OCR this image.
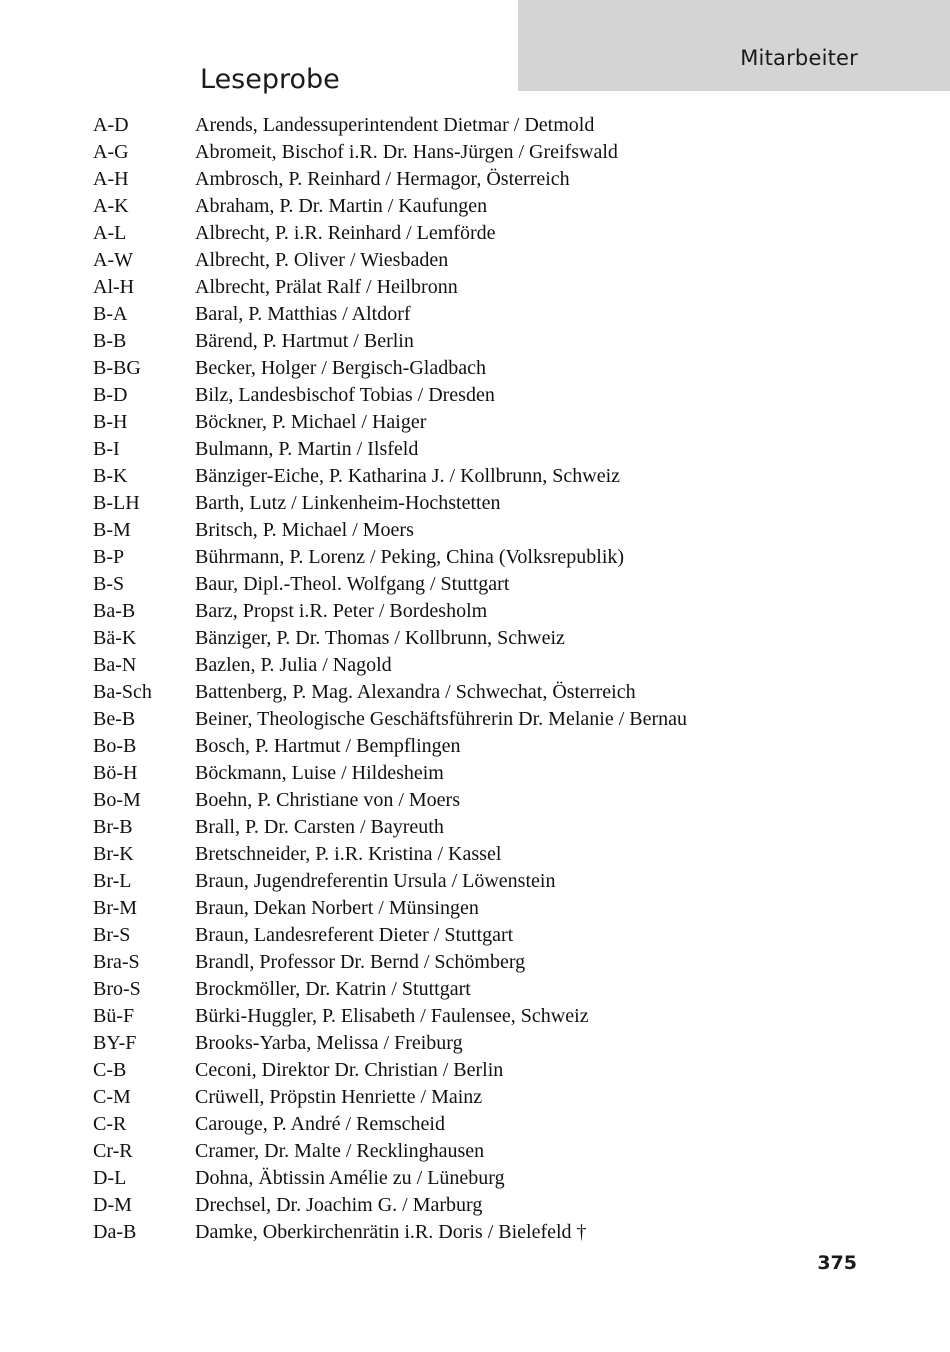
Mitarbeiter
Leseprobe
A-D	Arends, Landessuperintendent Dietmar / Detmold
A-G	Abromeit, Bischof i.R. Dr. Hans-Jürgen / Greifswald
A-H	Ambrosch, P. Reinhard / Hermagor, Österreich
A-K	Abraham, P. Dr. Martin / Kaufungen
A-L	Albrecht, P. i.R. Reinhard / Lemförde
A-W	Albrecht, P. Oliver / Wiesbaden
Al-H	Albrecht, Prälat Ralf / Heilbronn
B-A	Baral, P. Matthias / Altdorf
B-B	Bärend, P. Hartmut / Berlin
B-BG	Becker, Holger / Bergisch-Gladbach
B-D	Bilz, Landesbischof Tobias / Dresden
B-H	Böckner, P. Michael / Haiger
B-I	Bulmann, P. Martin / Ilsfeld
B-K	Bänziger-Eiche, P. Katharina J. / Kollbrunn, Schweiz
B-LH	Barth, Lutz / Linkenheim-Hochstetten
B-M	Britsch, P. Michael / Moers
B-P	Bührmann, P. Lorenz / Peking, China (Volksrepublik)
B-S	Baur, Dipl.-Theol. Wolfgang / Stuttgart
Ba-B	Barz, Propst i.R. Peter / Bordesholm
Bä-K	Bänziger, P. Dr. Thomas / Kollbrunn, Schweiz
Ba-N	Bazlen, P. Julia / Nagold
Ba-Sch	Battenberg, P. Mag. Alexandra / Schwechat, Österreich
Be-B	Beiner, Theologische Geschäftsführerin Dr. Melanie / Bernau
Bo-B	Bosch, P. Hartmut / Bempflingen
Bö-H	Böckmann, Luise / Hildesheim
Bo-M	Boehn, P. Christiane von / Moers
Br-B	Brall, P. Dr. Carsten / Bayreuth
Br-K	Bretschneider, P. i.R. Kristina / Kassel
Br-L	Braun, Jugendreferentin Ursula / Löwenstein
Br-M	Braun, Dekan Norbert / Münsingen
Br-S	Braun, Landesreferent Dieter / Stuttgart
Bra-S	Brandl, Professor Dr. Bernd / Schömberg
Bro-S	Brockmöller, Dr. Katrin / Stuttgart
Bü-F	Bürki-Huggler, P. Elisabeth / Faulensee, Schweiz
BY-F	Brooks-Yarba, Melissa / Freiburg
C-B	Ceconi, Direktor Dr. Christian / Berlin
C-M	Crüwell, Pröpstin Henriette / Mainz
C-R	Carouge, P. André / Remscheid
Cr-R	Cramer, Dr. Malte / Recklinghausen
D-L	Dohna, Äbtissin Amélie zu / Lüneburg
D-M	Drechsel, Dr. Joachim G. / Marburg
Da-B	Damke, Oberkirchenrätin i.R. Doris / Bielefeld †
375
